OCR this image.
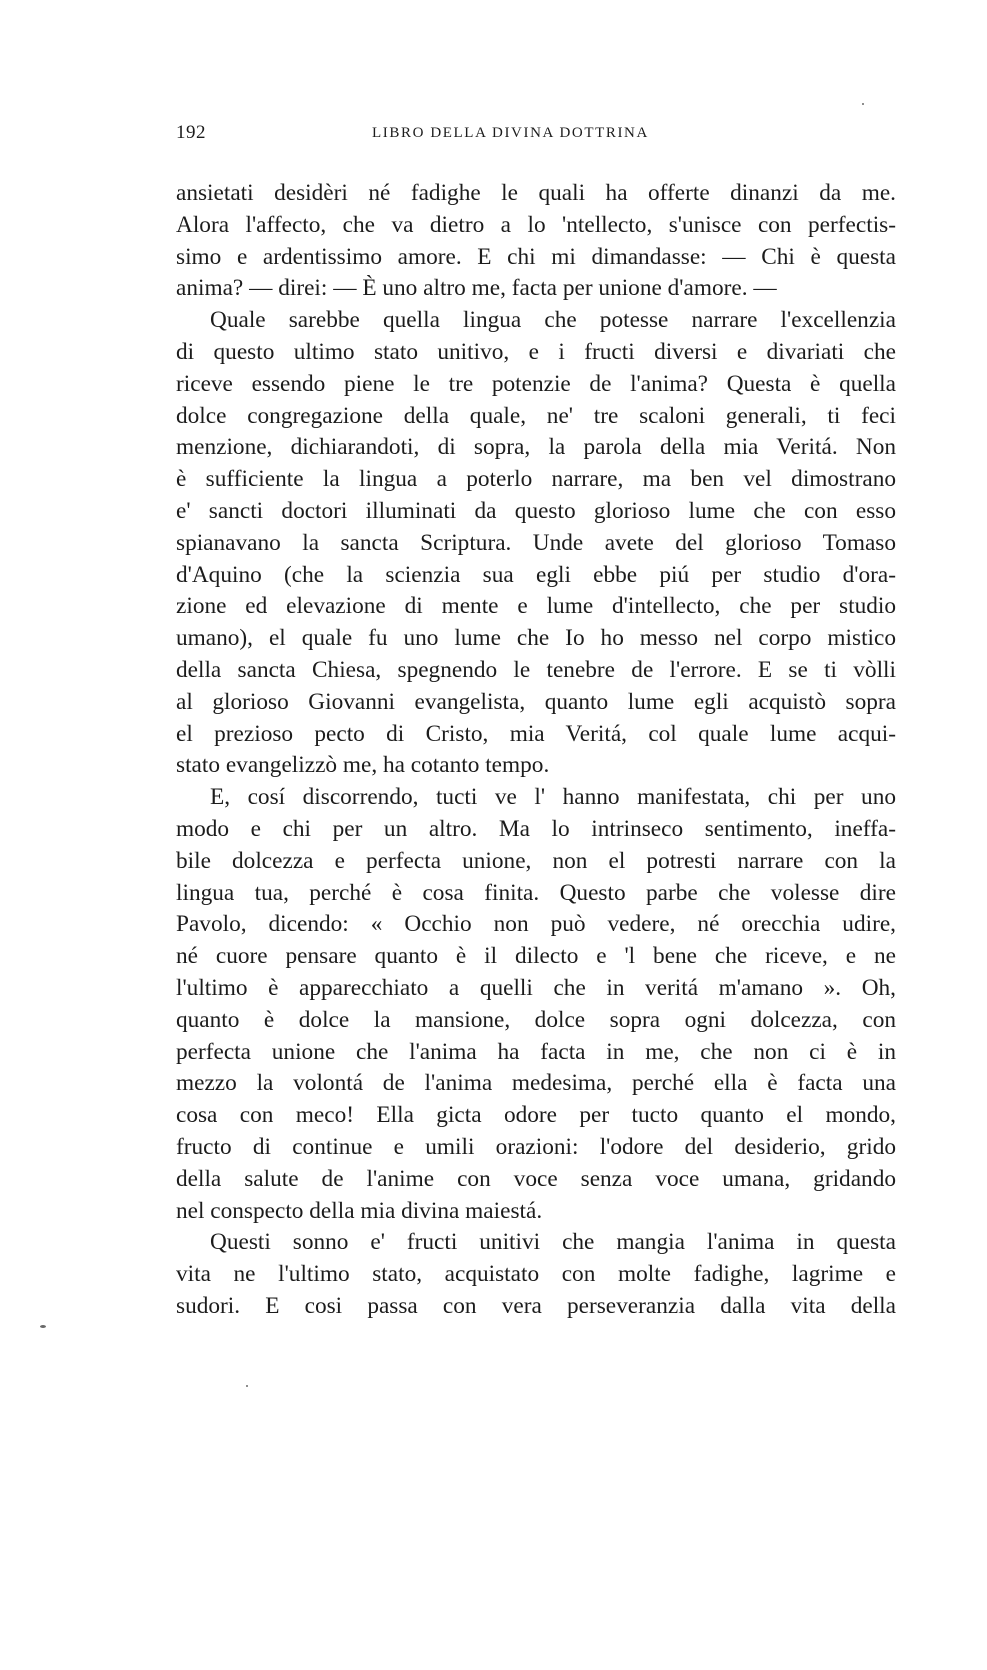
192	LIBRO DELLA DIVINA DOTTRINA

ansietati desidèri né fadighe le quali ha offerte dinanzi da me.
Alora l'affecto, che va dietro a lo 'ntellecto, s'unisce con perfectis-
simo e ardentissimo amore. E chi mi dimandasse: — Chi è questa
anima? — direi: — È uno altro me, facta per unione d'amore. —

Quale sarebbe quella lingua che potesse narrare l'excellenzia
di questo ultimo stato unitivo, e i fructi diversi e divariati che
riceve essendo piene le tre potenzie de l'anima? Questa è quella
dolce congregazione della quale, ne' tre scaloni generali, ti feci
menzione, dichiarandoti, di sopra, la parola della mia Veritá. Non
è sufficiente la lingua a poterlo narrare, ma ben vel dimostrano
e' sancti doctori illuminati da questo glorioso lume che con esso
spianavano la sancta Scriptura. Unde avete del glorioso Tomaso
d'Aquino (che la scienzia sua egli ebbe piú per studio d'ora-
zione ed elevazione di mente e lume d'intellecto, che per studio
umano), el quale fu uno lume che Io ho messo nel corpo mistico
della sancta Chiesa, spegnendo le tenebre de l'errore. E se ti vòlli
al glorioso Giovanni evangelista, quanto lume egli acquistò sopra
el prezioso pecto di Cristo, mia Veritá, col quale lume acqui-
stato evangelizzò me, ha cotanto tempo.

E, cosí discorrendo, tucti ve l' hanno manifestata, chi per uno
modo e chi per un altro. Ma lo intrinseco sentimento, ineffa-
bile dolcezza e perfecta unione, non el potresti narrare con la
lingua tua, perché è cosa finita. Questo parbe che volesse dire
Pavolo, dicendo: « Occhio non può vedere, né orecchia udire,
né cuore pensare quanto è il dilecto e 'l bene che riceve, e ne
l'ultimo è apparecchiato a quelli che in veritá m'amano ». Oh,
quanto è dolce la mansione, dolce sopra ogni dolcezza, con
perfecta unione che l'anima ha facta in me, che non ci è in
mezzo la volontá de l'anima medesima, perché ella è facta una
cosa con meco! Ella gicta odore per tucto quanto el mondo,
fructo di continue e umili orazioni: l'odore del desiderio, grido
della salute de l'anime con voce senza voce umana, gridando
nel conspecto della mia divina maiestá.

Questi sonno e' fructi unitivi che mangia l'anima in questa
vita ne l'ultimo stato, acquistato con molte fadighe, lagrime e
sudori. E cosi passa con vera perseveranzia dalla vita della
